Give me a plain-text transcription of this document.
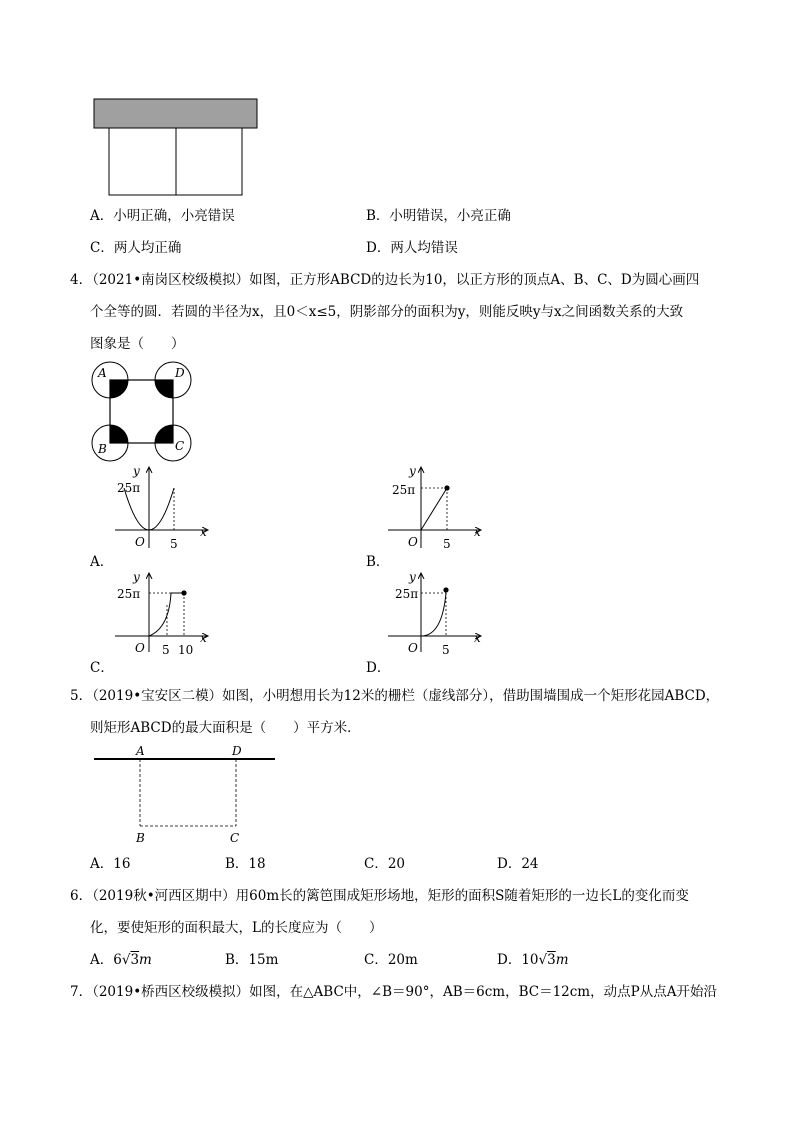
A．小明正确，小亮错误	B．小明错误，小亮正确
C．两人均正确	D．两人均错误
4．（2021•南岗区校级模拟）如图，正方形ABCD的边长为10，以正方形的顶点A、B、C、D为圆心画四
个全等的圆．若圆的半径为x，且0＜x≤5，阴影部分的面积为y，则能反映y与x之间函数关系的大致
图象是（　　）
A	D
B	C
y
25π
x
O 5
A．
y
25π
x
O 5
B．
y
25π
x
O 5 10
C．
y
25π
x
O 5
D．
5．（2019•宝安区二模）如图，小明想用长为12米的栅栏（虚线部分），借助围墙围成一个矩形花园ABCD，
则矩形ABCD的最大面积是（　　）平方米．
A	D
B	C
A．16	B．18	C．20	D．24
6．（2019秋•河西区期中）用60m长的篱笆围成矩形场地，矩形的面积S随着矩形的一边长L的变化而变
化，要使矩形的面积最大，L的长度应为（　　）
A．6√3m	B．15m	C．20m	D．10√3m
7．（2019•桥西区校级模拟）如图，在△ABC中，∠B＝90°，AB＝6cm，BC＝12cm，动点P从点A开始沿
